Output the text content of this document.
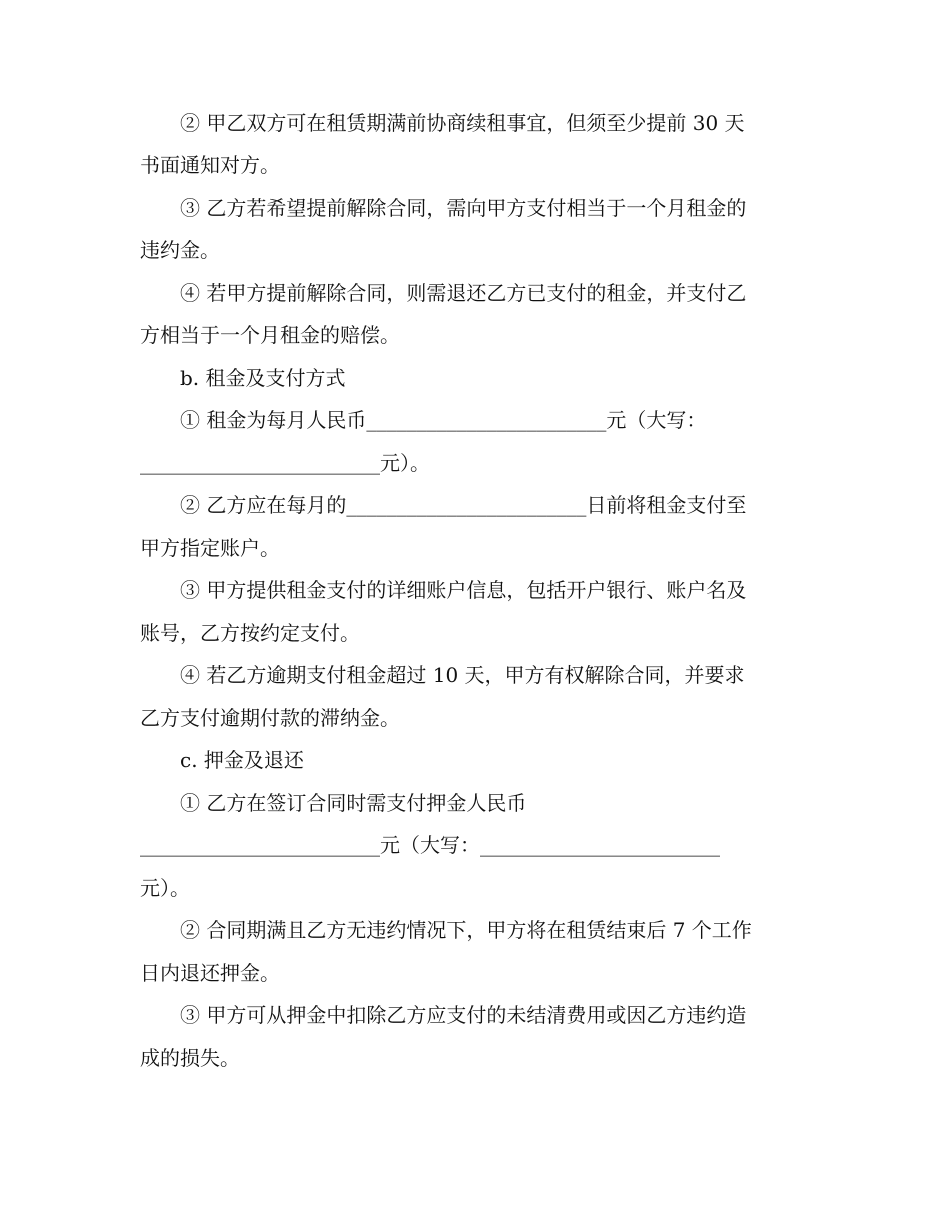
② 甲乙双方可在租赁期满前协商续租事宜，但须至少提前 30 天
书面通知对方。
③ 乙方若希望提前解除合同，需向甲方支付相当于一个月租金的
违约金。
④ 若甲方提前解除合同，则需退还乙方已支付的租金，并支付乙
方相当于一个月租金的赔偿。
b. 租金及支付方式
① 租金为每月人民币________________________元（大写：
________________________元）。
② 乙方应在每月的________________________日前将租金支付至
甲方指定账户。
③ 甲方提供租金支付的详细账户信息，包括开户银行、账户名及
账号，乙方按约定支付。
④ 若乙方逾期支付租金超过 10 天，甲方有权解除合同，并要求
乙方支付逾期付款的滞纳金。
c. 押金及退还
① 乙方在签订合同时需支付押金人民币
________________________元（大写：________________________
元）。
② 合同期满且乙方无违约情况下，甲方将在租赁结束后 7 个工作
日内退还押金。
③ 甲方可从押金中扣除乙方应支付的未结清费用或因乙方违约造
成的损失。
